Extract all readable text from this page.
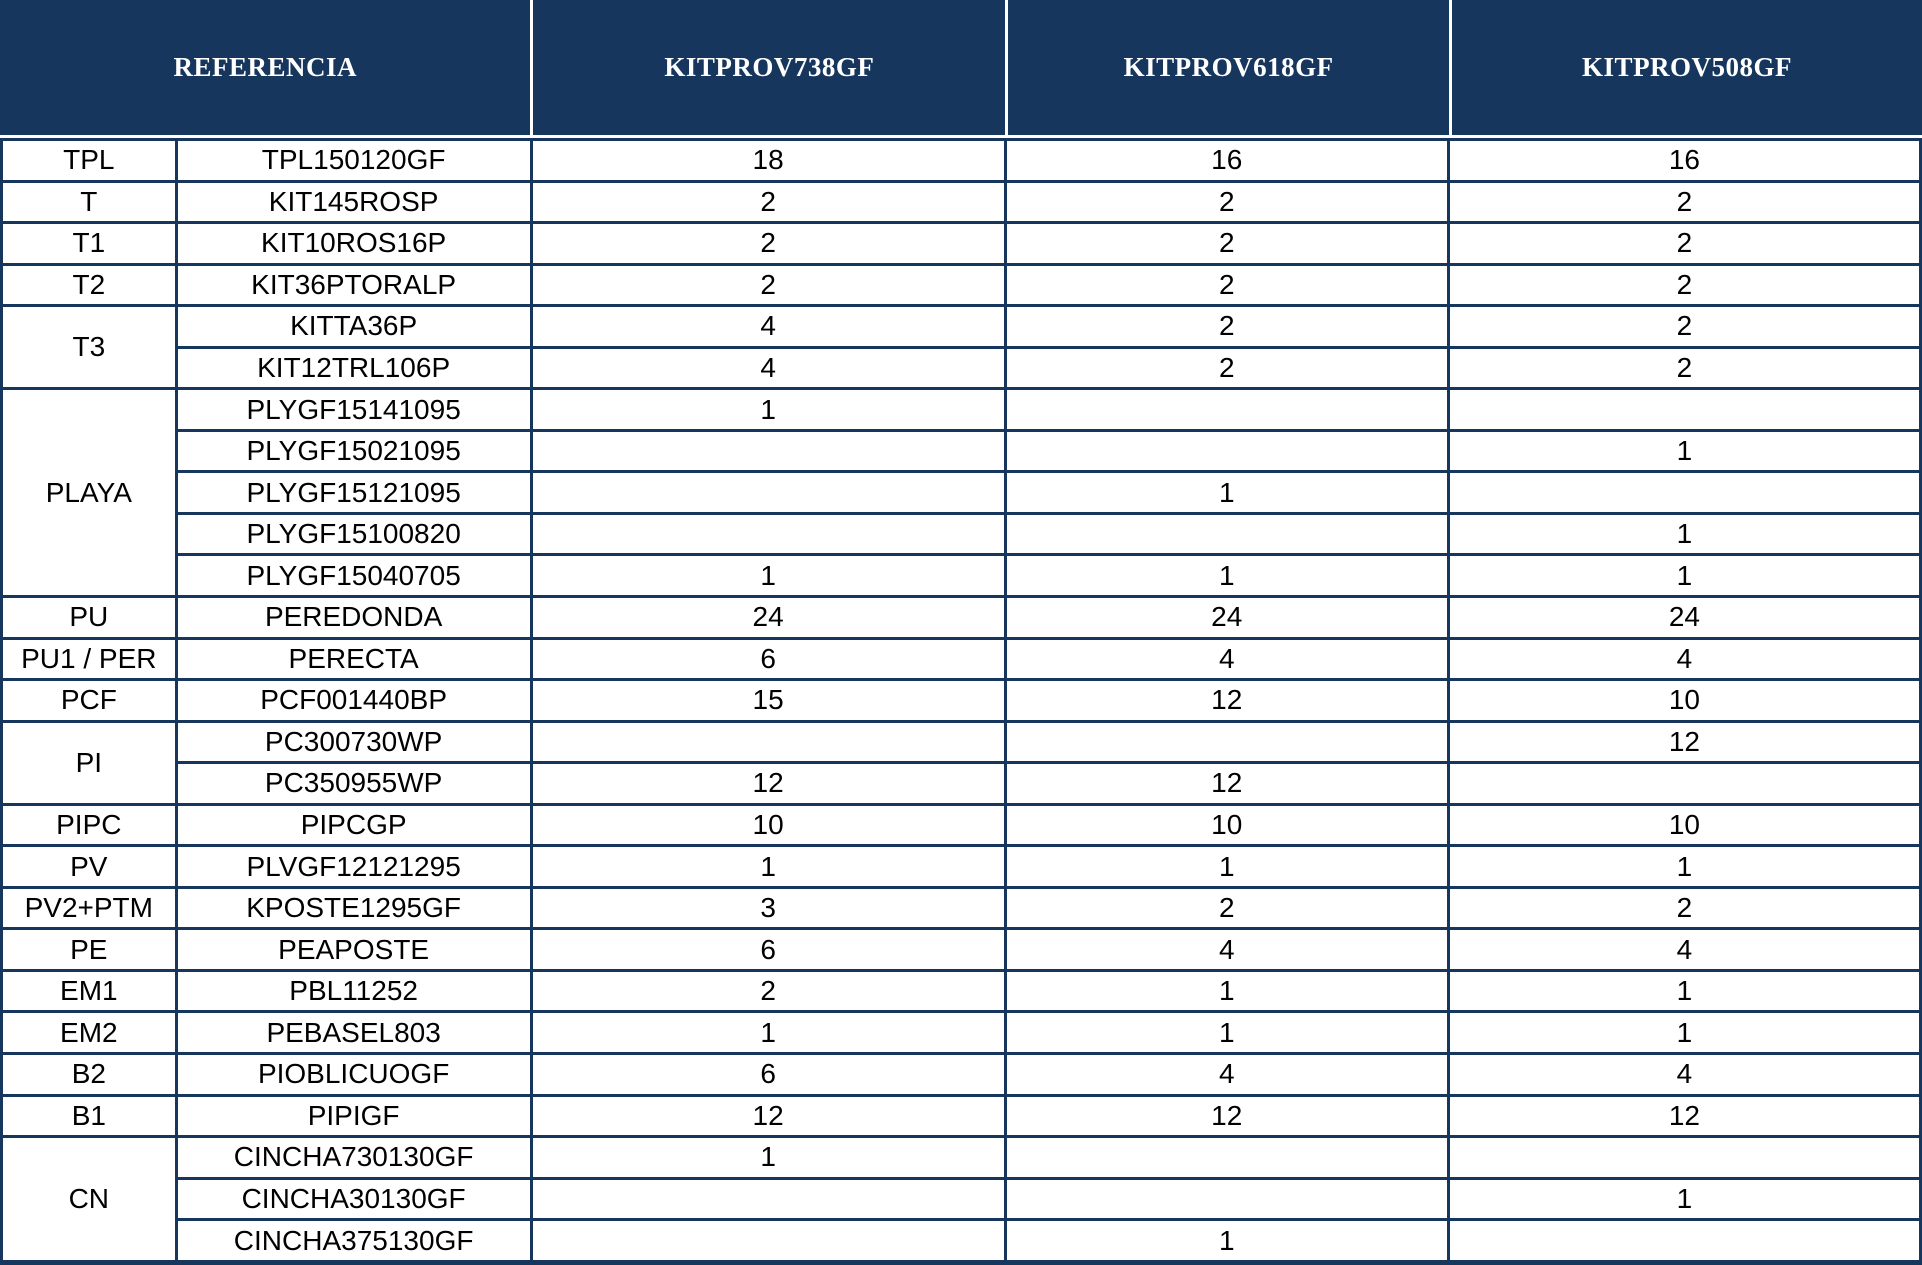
REFERENCIA	KITPROV738GF	KITPROV618GF	KITPROV508GF
TPL	TPL150120GF	18	16	16
T	KIT145ROSP	2	2	2
T1	KIT10ROS16P	2	2	2
T2	KIT36PTORALP	2	2	2
T3	KITTA36P	4	2	2
	KIT12TRL106P	4	2	2
PLAYA	PLYGF15141095	1		
	PLYGF15021095			1
	PLYGF15121095		1	
	PLYGF15100820			1
	PLYGF15040705	1	1	1
PU	PEREDONDA	24	24	24
PU1 / PER	PERECTA	6	4	4
PCF	PCF001440BP	15	12	10
PI	PC300730WP			12
	PC350955WP	12	12	
PIPC	PIPCGP	10	10	10
PV	PLVGF12121295	1	1	1
PV2+PTM	KPOSTE1295GF	3	2	2
PE	PEAPOSTE	6	4	4
EM1	PBL11252	2	1	1
EM2	PEBASEL803	1	1	1
B2	PIOBLICUOGF	6	4	4
B1	PIPIGF	12	12	12
CN	CINCHA730130GF	1		
	CINCHA30130GF			1
	CINCHA375130GF		1	
